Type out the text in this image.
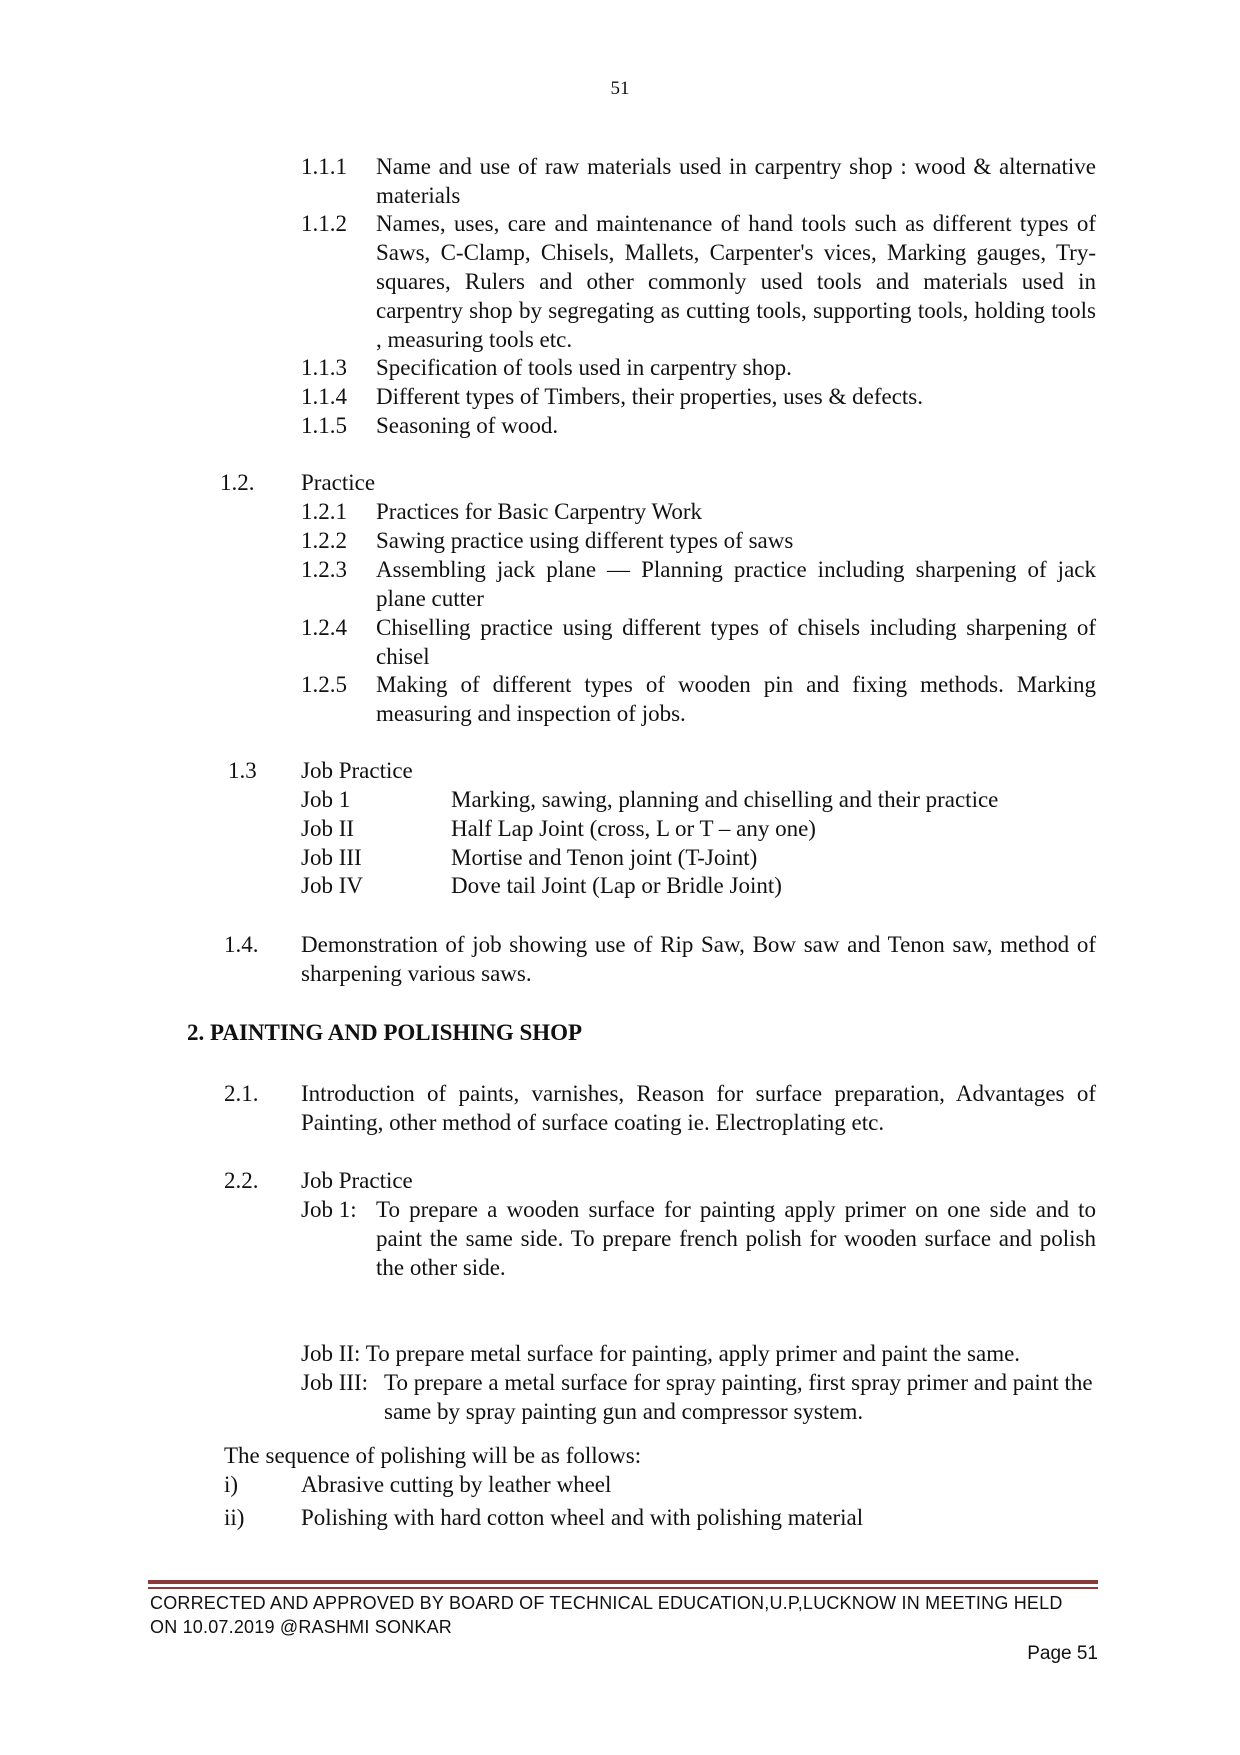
51
1.1.1 Name and use of raw materials used in carpentry shop : wood & alternative materials
1.1.2 Names, uses, care and maintenance of hand tools such as different types of Saws, C-Clamp, Chisels, Mallets, Carpenter's vices, Marking gauges, Try-squares, Rulers and other commonly used tools and materials used in carpentry shop by segregating as cutting tools, supporting tools, holding tools , measuring tools etc.
1.1.3 Specification of tools used in carpentry shop.
1.1.4 Different types of Timbers, their properties, uses & defects.
1.1.5 Seasoning of wood.
1.2. Practice
1.2.1 Practices for Basic Carpentry Work
1.2.2 Sawing practice using different types of saws
1.2.3 Assembling jack plane — Planning practice including sharpening of jack plane cutter
1.2.4 Chiselling practice using different types of chisels including sharpening of chisel
1.2.5 Making of different types of wooden pin and fixing methods. Marking measuring and inspection of jobs.
1.3 Job Practice
Job 1	Marking, sawing, planning and chiselling and their practice
Job II	Half Lap Joint (cross, L or T – any one)
Job III	Mortise and Tenon joint (T-Joint)
Job IV	Dove tail Joint (Lap or Bridle Joint)
1.4. Demonstration of job showing use of Rip Saw, Bow saw and Tenon saw, method of sharpening various saws.
2. PAINTING AND POLISHING SHOP
2.1. Introduction of paints, varnishes, Reason for surface preparation, Advantages of Painting, other method of surface coating ie. Electroplating etc.
2.2. Job Practice
Job 1: To prepare a wooden surface for painting apply primer on one side and to paint the same side. To prepare french polish for wooden surface and polish the other side.
Job II: To prepare metal surface for painting, apply primer and paint the same.
Job III: To prepare a metal surface for spray painting, first spray primer and paint the same by spray painting gun and compressor system.
The sequence of polishing will be as follows:
i)	Abrasive cutting by leather wheel
ii) Polishing with hard cotton wheel and with polishing material
CORRECTED AND APPROVED BY BOARD OF TECHNICAL EDUCATION,U.P,LUCKNOW IN MEETING HELD ON 10.07.2019 @RASHMI SONKAR
Page 51
